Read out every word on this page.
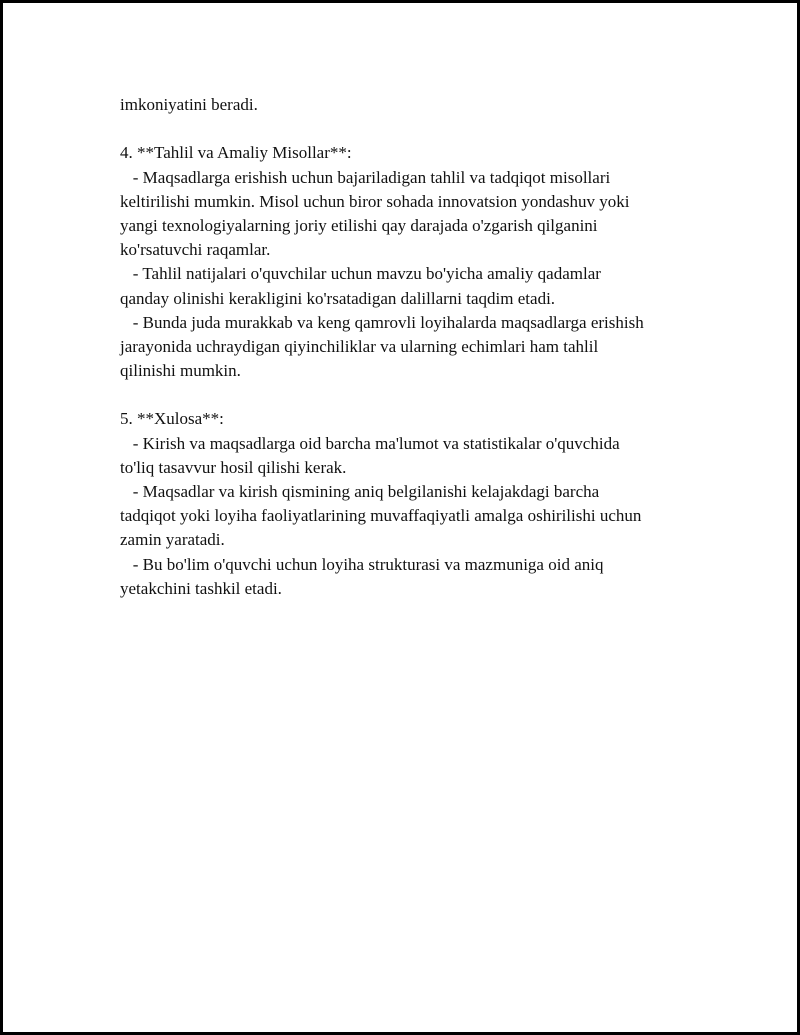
imkoniyatini beradi.
4. **Tahlil va Amaliy Misollar**:
- Maqsadlarga erishish uchun bajariladigan tahlil va tadqiqot misollari
keltirilishi mumkin. Misol uchun biror sohada innovatsion yondashuv yoki
yangi texnologiyalarning joriy etilishi qay darajada o'zgarish qilganini
ko'rsatuvchi raqamlar.
- Tahlil natijalari o'quvchilar uchun mavzu bo'yicha amaliy qadamlar
qanday olinishi kerakligini ko'rsatadigan dalillarni taqdim etadi.
- Bunda juda murakkab va keng qamrovli loyihalarda maqsadlarga erishish
jarayonida uchraydigan qiyinchiliklar va ularning echimlari ham tahlil
qilinishi mumkin.
5. **Xulosa**:
- Kirish va maqsadlarga oid barcha ma'lumot va statistikalar o'quvchida
to'liq tasavvur hosil qilishi kerak.
- Maqsadlar va kirish qismining aniq belgilanishi kelajakdagi barcha
tadqiqot yoki loyiha faoliyatlarining muvaffaqiyatli amalga oshirilishi uchun
zamin yaratadi.
- Bu bo'lim o'quvchi uchun loyiha strukturasi va mazmuniga oid aniq
yetakchini tashkil etadi.
